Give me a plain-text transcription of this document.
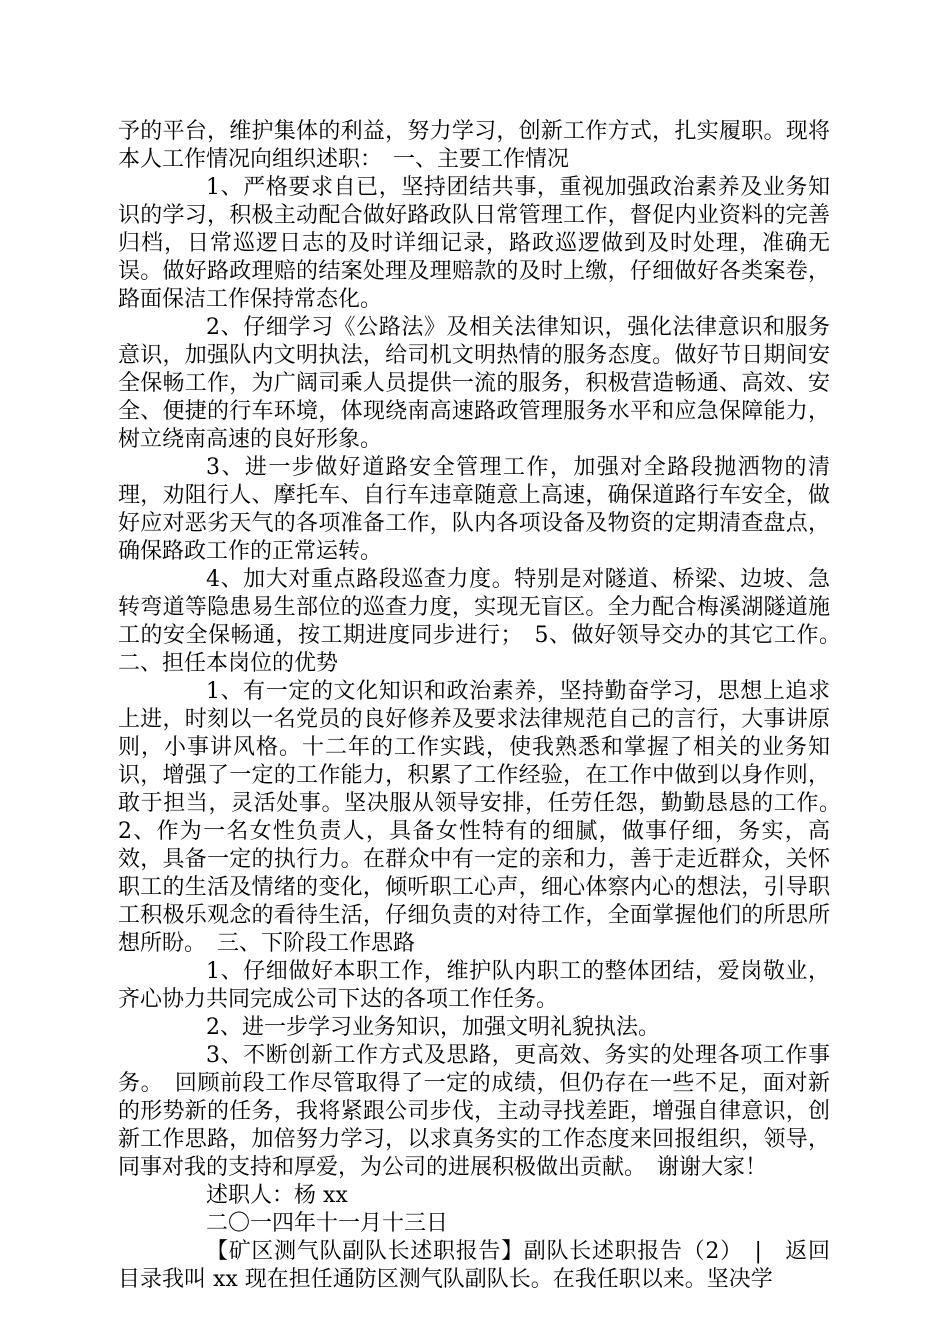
予的平台，维护集体的利益，努力学习，创新工作方式，扎实履职。现将本人工作情况向组织述职：　一、主要工作情况

1、严格要求自已，坚持团结共事，重视加强政治素养及业务知识的学习，积极主动配合做好路政队日常管理工作，督促内业资料的完善归档，日常巡逻日志的及时详细记录，路政巡逻做到及时处理，准确无误。做好路政理赔的结案处理及理赔款的及时上缴，仔细做好各类案卷，路面保洁工作保持常态化。

2、仔细学习《公路法》及相关法律知识，强化法律意识和服务意识，加强队内文明执法，给司机文明热情的服务态度。做好节日期间安全保畅工作，为广阔司乘人员提供一流的服务，积极营造畅通、高效、安全、便捷的行车环境，体现绕南高速路政管理服务水平和应急保障能力，树立绕南高速的良好形象。

3、进一步做好道路安全管理工作，加强对全路段抛洒物的清理，劝阻行人、摩托车、自行车违章随意上高速，确保道路行车安全，做好应对恶劣天气的各项准备工作，队内各项设备及物资的定期清查盘点，确保路政工作的正常运转。

4、加大对重点路段巡查力度。特别是对隧道、桥梁、边坡、急转弯道等隐患易生部位的巡查力度，实现无盲区。全力配合梅溪湖隧道施工的安全保畅通，按工期进度同步进行；　5、做好领导交办的其它工作。　二、担任本岗位的优势

1、有一定的文化知识和政治素养，坚持勤奋学习，思想上追求上进，时刻以一名党员的良好修养及要求法律规范自己的言行，大事讲原则，小事讲风格。十二年的工作实践，使我熟悉和掌握了相关的业务知识，增强了一定的工作能力，积累了工作经验，在工作中做到以身作则，敢于担当，灵活处事。坚决服从领导安排，任劳任怨，勤勤恳恳的工作。　2、作为一名女性负责人，具备女性特有的细腻，做事仔细，务实，高效，具备一定的执行力。在群众中有一定的亲和力，善于走近群众，关怀职工的生活及情绪的变化，倾听职工心声，细心体察内心的想法，引导职工积极乐观念的看待生活，仔细负责的对待工作，全面掌握他们的所思所想所盼。　三、下阶段工作思路

1、仔细做好本职工作，维护队内职工的整体团结，爱岗敬业，齐心协力共同完成公司下达的各项工作任务。

2、进一步学习业务知识，加强文明礼貌执法。

3、不断创新工作方式及思路，更高效、务实的处理各项工作事务。　回顾前段工作尽管取得了一定的成绩，但仍存在一些不足，面对新的形势新的任务，我将紧跟公司步伐，主动寻找差距，增强自律意识，创新工作思路，加倍努力学习，以求真务实的工作态度来回报组织，领导，同事对我的支持和厚爱，为公司的进展积极做出贡献。　谢谢大家！

述职人：杨 xx

二〇一四年十一月十三日

【矿区测气队副队长述职报告】副队长述职报告（2）　|　返回目录我叫 xx 现在担任通防区测气队副队长。在我任职以来。坚决学
